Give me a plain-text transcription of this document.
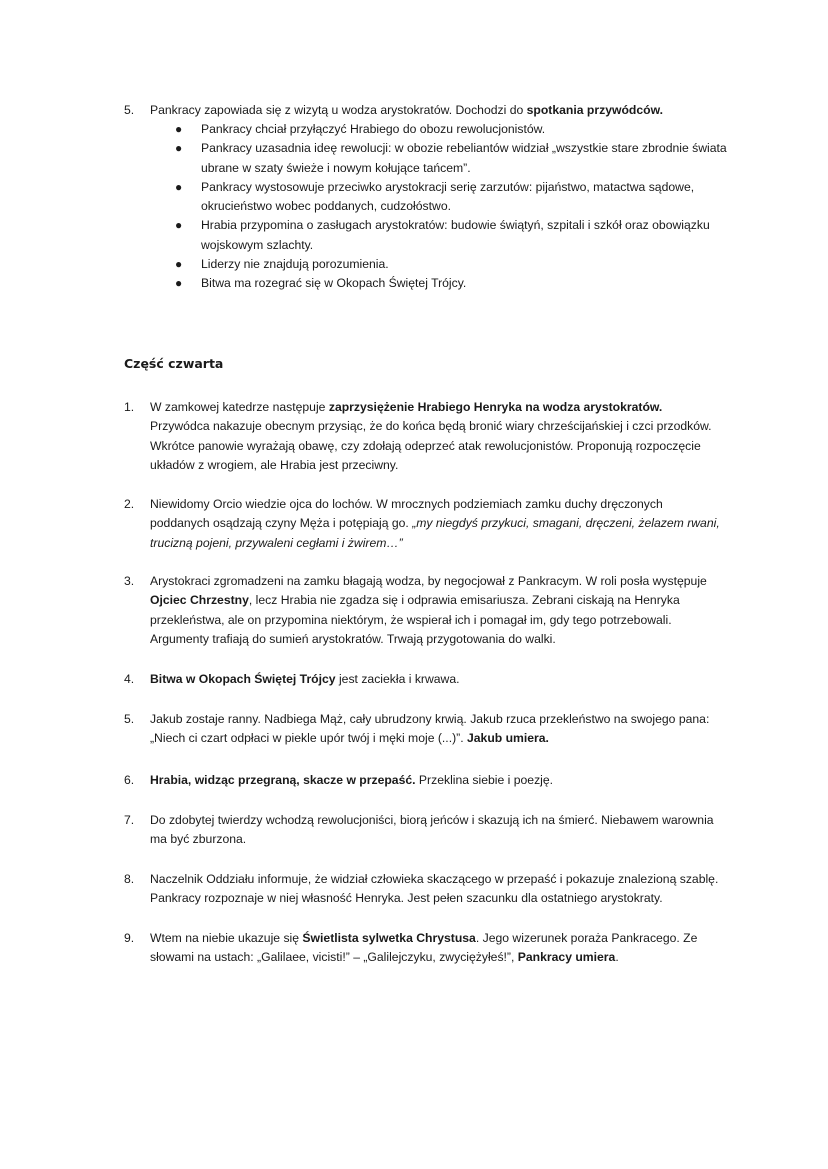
5. Pankracy zapowiada się z wizytą u wodza arystokratów. Dochodzi do spotkania przywódców.
● Pankracy chciał przyłączyć Hrabiego do obozu rewolucjonistów.
● Pankracy uzasadnia ideę rewolucji: w obozie rebeliantów widział „wszystkie stare zbrodnie świata ubrane w szaty świeże i nowym kołujące tańcem”.
● Pankracy wystosowuje przeciwko arystokracji serię zarzutów: pijaństwo, matactwa sądowe, okrucieństwo wobec poddanych, cudzołóstwo.
● Hrabia przypomina o zasługach arystokratów: budowie świątyń, szpitali i szkół oraz obowiązku wojskowym szlachty.
● Liderzy nie znajdują porozumienia.
● Bitwa ma rozegrać się w Okopach Świętej Trójcy.
Część czwarta
1. W zamkowej katedrze następuje zaprzysiężenie Hrabiego Henryka na wodza arystokratów. Przywódca nakazuje obecnym przysiąc, że do końca będą bronić wiary chrześcijańskiej i czci przodków. Wkrótce panowie wyrażają obawę, czy zdołają odeprzeć atak rewolucjonistów. Proponują rozpoczęcie układów z wrogiem, ale Hrabia jest przeciwny.
2. Niewidomy Orcio wiedzie ojca do lochów. W mrocznych podziemiach zamku duchy dręczonych poddanych osądzają czyny Męża i potępiają go. „my niegdyś przykuci, smagani, dręczeni, żelazem rwani, trucizną pojeni, przywaleni cegłami i żwirem…”
3. Arystokraci zgromadzeni na zamku błagają wodza, by negocjował z Pankracym. W roli posła występuje Ojciec Chrzestny, lecz Hrabia nie zgadza się i odprawia emisariusza. Zebrani ciskają na Henryka przekleństwa, ale on przypomina niektórym, że wspierał ich i pomagał im, gdy tego potrzebowali. Argumenty trafiają do sumień arystokratów. Trwają przygotowania do walki.
4. Bitwa w Okopach Świętej Trójcy jest zaciekła i krwawa.
5. Jakub zostaje ranny. Nadbiega Mąż, cały ubrudzony krwią. Jakub rzuca przekleństwo na swojego pana: „Niech ci czart odpłaci w piekle upór twój i męki moje (...)”. Jakub umiera.
6. Hrabia, widząc przegraną, skacze w przepaść. Przeklina siebie i poezję.
7. Do zdobytej twierdzy wchodzą rewolucjoniści, biorą jeńców i skazują ich na śmierć. Niebawem warownia ma być zburzona.
8. Naczelnik Oddziału informuje, że widział człowieka skaczącego w przepaść i pokazuje znalezioną szablę. Pankracy rozpoznaje w niej własność Henryka. Jest pełen szacunku dla ostatniego arystokraty.
9. Wtem na niebie ukazuje się Świetlista sylwetka Chrystusa. Jego wizerunek poraża Pankracego. Ze słowami na ustach: „Galilaee, vicisti!” – „Galilejczyku, zwyciężyłeś!”, Pankracy umiera.
